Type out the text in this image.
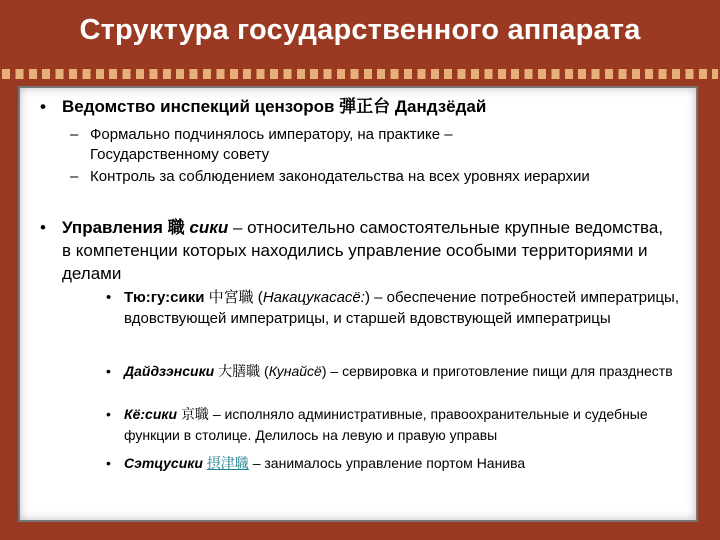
Структура государственного аппарата
• Ведомство инспекций цензоров 弾正台 Дандзёдай
– Формально подчинялось императору, на практике – Государственному совету
– Контроль за соблюдением законодательства на всех уровнях иерархии
• Управления 職 сики – относительно самостоятельные крупные ведомства, в компетенции которых находились управление особыми территориями и делами
• Тю:гу:сики 中宮職 (Накацукасасё:) – обеспечение потребностей императрицы, вдовствующей императрицы, и старшей вдовствующей императрицы
• Дайдзэнсики 大膳職 (Кунайсё) – сервировка и приготовление пищи для празднеств
• Кё:сики 京職 – исполняло административные, правоохранительные и судебные функции в столице. Делилось на левую и правую управы
• Сэтцусики 摂津職 – занималось управление портом Нанива
